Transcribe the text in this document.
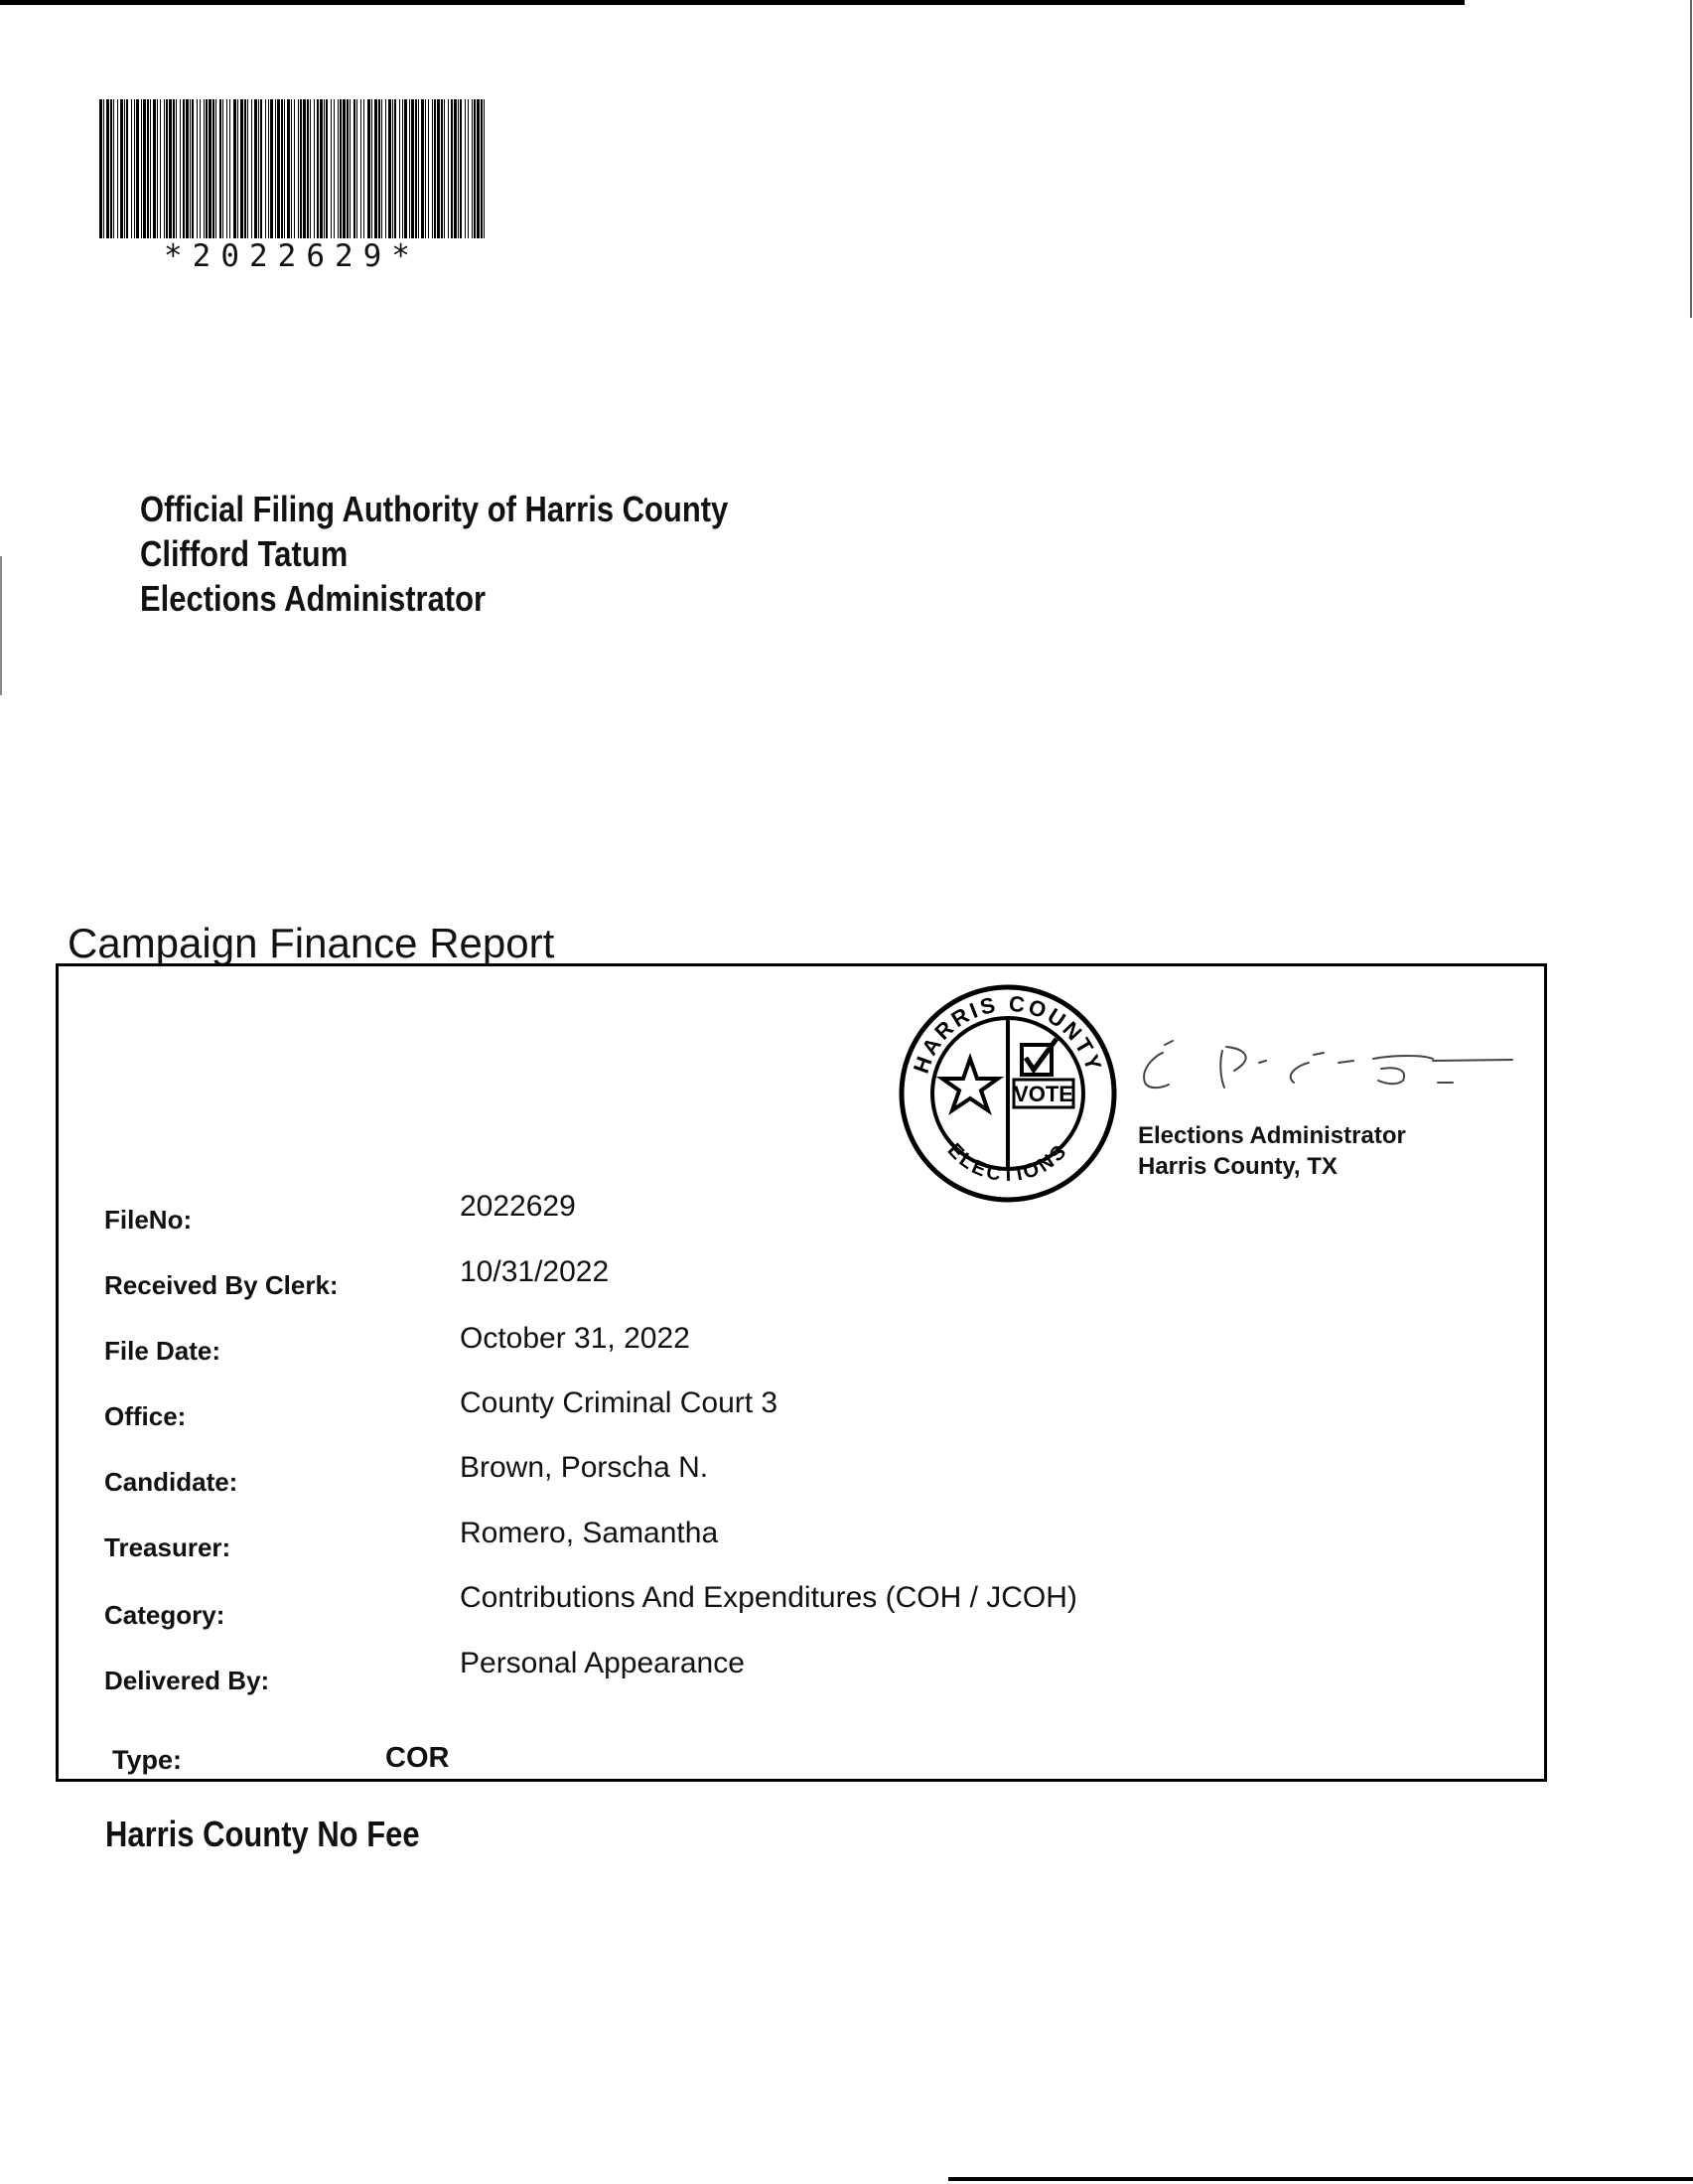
*2022629*
Official Filing Authority of Harris County
Clifford Tatum
Elections Administrator
Campaign Finance Report
HARRIS COUNTY
ELECTIONS
VOTE
Elections Administrator
Harris County, TX
FileNo:	2022629
Received By Clerk:	10/31/2022
File Date:	October 31, 2022
Office:	County Criminal Court 3
Candidate:	Brown, Porscha N.
Treasurer:	Romero, Samantha
Category:
Contributions And Expenditures (COH / JCOH)
Delivered By:
Personal Appearance
Type:	COR
Harris County No Fee
